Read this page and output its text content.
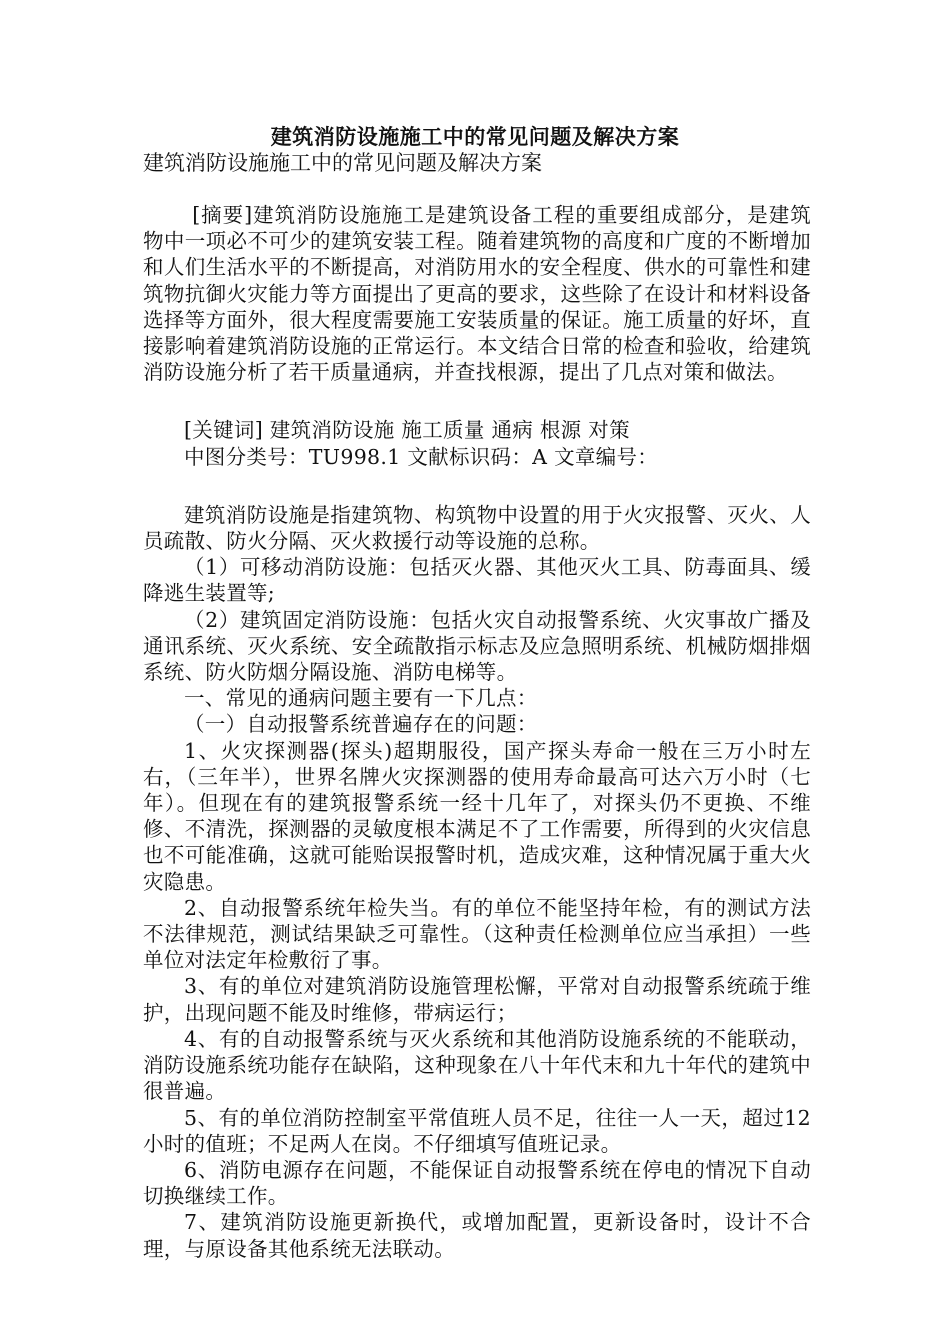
建筑消防设施施工中的常见问题及解决方案
建筑消防设施施工中的常见问题及解决方案

[摘要]建筑消防设施施工是建筑设备工程的重要组成部分，是建筑物中一项必不可少的建筑安装工程。随着建筑物的高度和广度的不断增加和人们生活水平的不断提高，对消防用水的安全程度、供水的可靠性和建筑物抗御火灾能力等方面提出了更高的要求，这些除了在设计和材料设备选择等方面外，很大程度需要施工安装质量的保证。施工质量的好坏，直接影响着建筑消防设施的正常运行。本文结合日常的检查和验收，给建筑消防设施分析了若干质量通病，并查找根源，提出了几点对策和做法。

[关键词] 建筑消防设施 施工质量 通病 根源 对策

中图分类号：TU998.1 文献标识码：A 文章编号：

建筑消防设施是指建筑物、构筑物中设置的用于火灾报警、灭火、人员疏散、防火分隔、灭火救援行动等设施的总称。

（1）可移动消防设施：包括灭火器、其他灭火工具、防毒面具、缓降逃生装置等;

（2）建筑固定消防设施：包括火灾自动报警系统、火灾事故广播及通讯系统、灭火系统、安全疏散指示标志及应急照明系统、机械防烟排烟系统、防火防烟分隔设施、消防电梯等。

一、常见的通病问题主要有一下几点：

（一）自动报警系统普遍存在的问题：

1、火灾探测器(探头)超期服役，国产探头寿命一般在三万小时左右，（三年半），世界名牌火灾探测器的使用寿命最高可达六万小时（七年）。但现在有的建筑报警系统一经十几年了，对探头仍不更换、不维修、不清洗，探测器的灵敏度根本满足不了工作需要，所得到的火灾信息也不可能准确，这就可能贻误报警时机，造成灾难，这种情况属于重大火灾隐患。

2、自动报警系统年检失当。有的单位不能坚持年检，有的测试方法不法律规范，测试结果缺乏可靠性。（这种责任检测单位应当承担）一些单位对法定年检敷衍了事。

3、有的单位对建筑消防设施管理松懈，平常对自动报警系统疏于维护，出现问题不能及时维修，带病运行；

4、有的自动报警系统与灭火系统和其他消防设施系统的不能联动，消防设施系统功能存在缺陷，这种现象在八十年代末和九十年代的建筑中很普遍。

5、有的单位消防控制室平常值班人员不足，往往一人一天，超过12小时的值班；不足两人在岗。不仔细填写值班记录。

6、消防电源存在问题，不能保证自动报警系统在停电的情况下自动切换继续工作。

7、建筑消防设施更新换代，或增加配置，更新设备时，设计不合理，与原设备其他系统无法联动。
